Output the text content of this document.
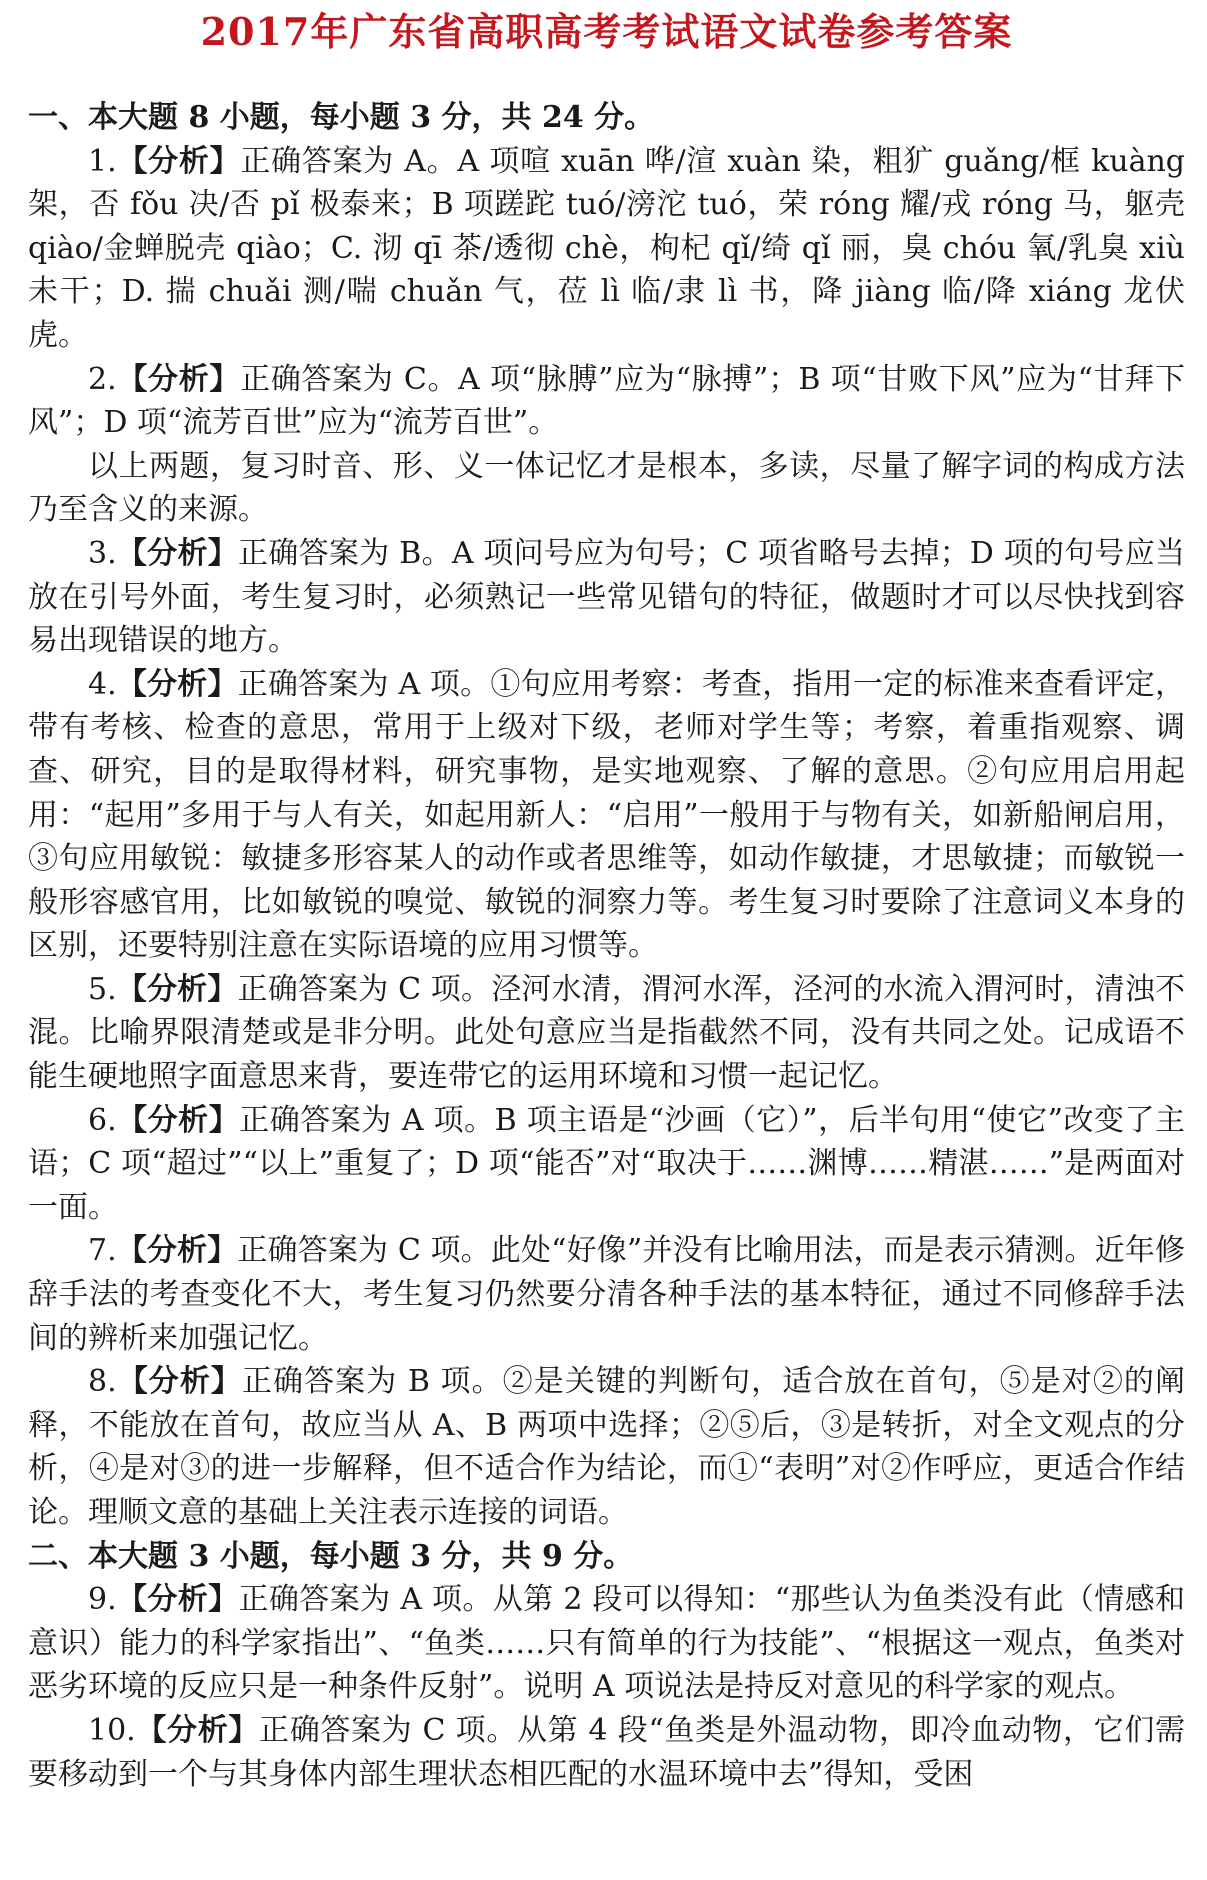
2017年广东省高职高考考试语文试卷参考答案

一、本大题 8 小题，每小题 3 分，共 24 分。

1.【分析】正确答案为 A。A 项喧 xuān 哗/渲 xuàn 染，粗犷 guǎng/框 kuàng 架，否 fǒu 决/否 pǐ 极泰来；B 项蹉跎 tuó/滂沱 tuó，荣 róng 耀/戎 róng 马，躯壳 qiào/金蝉脱壳 qiào；C. 沏 qī 茶/透彻 chè，枸杞 qǐ/绮 qǐ 丽，臭 chóu 氧/乳臭 xiù 未干；D. 揣 chuǎi 测/喘 chuǎn 气，莅 lì 临/隶 lì 书，降 jiàng 临/降 xiáng 龙伏虎。

2.【分析】正确答案为 C。A 项“脉膊”应为“脉搏”；B 项“甘败下风”应为“甘拜下风”；D 项“流芳百世”应为“流芳百世”。

以上两题，复习时音、形、义一体记忆才是根本，多读，尽量了解字词的构成方法乃至含义的来源。

3.【分析】正确答案为 B。A 项问号应为句号；C 项省略号去掉；D 项的句号应当放在引号外面，考生复习时，必须熟记一些常见错句的特征，做题时才可以尽快找到容易出现错误的地方。

4.【分析】正确答案为 A 项。①句应用考察：考查，指用一定的标准来查看评定，带有考核、检查的意思，常用于上级对下级，老师对学生等；考察，着重指观察、调查、研究，目的是取得材料，研究事物，是实地观察、了解的意思。②句应用启用起用：“起用”多用于与人有关，如起用新人：“启用”一般用于与物有关，如新船闸启用，③句应用敏锐：敏捷多形容某人的动作或者思维等，如动作敏捷，才思敏捷；而敏锐一般形容感官用，比如敏锐的嗅觉、敏锐的洞察力等。考生复习时要除了注意词义本身的区别，还要特别注意在实际语境的应用习惯等。

5.【分析】正确答案为 C 项。泾河水清，渭河水浑，泾河的水流入渭河时，清浊不混。比喻界限清楚或是非分明。此处句意应当是指截然不同，没有共同之处。记成语不能生硬地照字面意思来背，要连带它的运用环境和习惯一起记忆。

6.【分析】正确答案为 A 项。B 项主语是“沙画（它）”，后半句用“使它”改变了主语；C 项“超过”“以上”重复了；D 项“能否”对“取决于……渊博……精湛……”是两面对一面。

7.【分析】正确答案为 C 项。此处“好像”并没有比喻用法，而是表示猜测。近年修辞手法的考查变化不大，考生复习仍然要分清各种手法的基本特征，通过不同修辞手法间的辨析来加强记忆。

8.【分析】正确答案为 B 项。②是关键的判断句，适合放在首句，⑤是对②的阐释，不能放在首句，故应当从 A、B 两项中选择；②⑤后，③是转折，对全文观点的分析，④是对③的进一步解释，但不适合作为结论，而①“表明”对②作呼应，更适合作结论。理顺文意的基础上关注表示连接的词语。

二、本大题 3 小题，每小题 3 分，共 9 分。

9.【分析】正确答案为 A 项。从第 2 段可以得知：“那些认为鱼类没有此（情感和意识）能力的科学家指出”、“鱼类……只有简单的行为技能”、“根据这一观点，鱼类对恶劣环境的反应只是一种条件反射”。说明 A 项说法是持反对意见的科学家的观点。

10.【分析】正确答案为 C 项。从第 4 段“鱼类是外温动物，即冷血动物，它们需要移动到一个与其身体内部生理状态相匹配的水温环境中去”得知，受困
